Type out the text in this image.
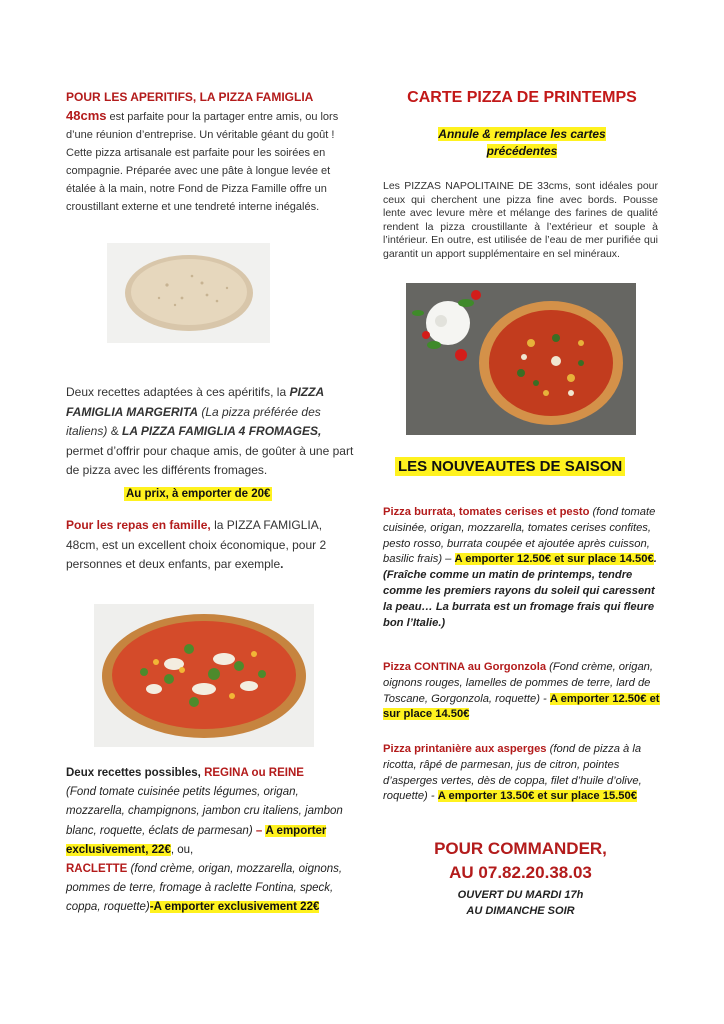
POUR LES APERITIFS, LA PIZZA FAMIGLIA
48cms est parfaite pour la partager entre amis, ou lors d’une réunion d’entreprise. Un véritable géant du goût ! Cette pizza artisanale est parfaite pour les soirées en compagnie. Préparée avec une pâte à longue levée et étalée à la main, notre Fond de Pizza Famille offre un croustillant externe et une tendreté interne inégalés.
Deux recettes adaptées à ces apéritifs, la PIZZA FAMIGLIA MARGERITA (La pizza préférée des italiens) & LA PIZZA FAMIGLIA 4 FROMAGES, permet d’offrir pour chaque amis, de goûter à une part de pizza avec les différents fromages.
Au prix, à emporter de 20€
Pour les repas en famille, la PIZZA FAMIGLIA, 48cm, est un excellent choix économique, pour 2 personnes et deux enfants, par exemple.
Deux recettes possibles, REGINA ou REINE
(Fond tomate cuisinée petits légumes, origan, mozzarella, champignons, jambon cru italiens, jambon blanc, roquette, éclats de parmesan) – A emporter exclusivement, 22€, ou,
RACLETTE (fond crème, origan, mozzarella, oignons, pommes de terre, fromage à raclette Fontina, speck, coppa, roquette)-A emporter exclusivement 22€
CARTE PIZZA DE PRINTEMPS
Annule & remplace les cartes
précédentes
Les PIZZAS NAPOLITAINE DE 33cms, sont idéales pour ceux qui cherchent une pizza fine avec bords. Pousse lente avec levure mère et mélange des farines de qualité rendent la pizza croustillante à l’extérieur et souple à l’intérieur. En outre, est utilisée de l’eau de mer purifiée qui garantit un apport supplémentaire en sel minéraux.
LES NOUVEAUTES DE SAISON
Pizza burrata, tomates cerises et pesto (fond tomate cuisinée, origan, mozzarella, tomates cerises confites, pesto rosso, burrata coupée et ajoutée après cuisson, basilic frais) – A emporter 12.50€ et sur place 14.50€. (Fraîche comme un matin de printemps, tendre comme les premiers rayons du soleil qui caressent la peau… La burrata est un fromage frais qui fleure bon l’Italie.)
Pizza CONTINA au Gorgonzola (Fond crème, origan, oignons rouges, lamelles de pommes de terre, lard de Toscane, Gorgonzola, roquette) - A emporter 12.50€ et sur place 14.50€
Pizza printanière aux asperges (fond de pizza à la ricotta, râpé de parmesan, jus de citron, pointes d’asperges vertes, dès de coppa, filet d’huile d’olive, roquette) - A emporter 13.50€ et sur place 15.50€
POUR COMMANDER,
AU 07.82.20.38.03
OUVERT DU MARDI 17h
AU DIMANCHE SOIR
